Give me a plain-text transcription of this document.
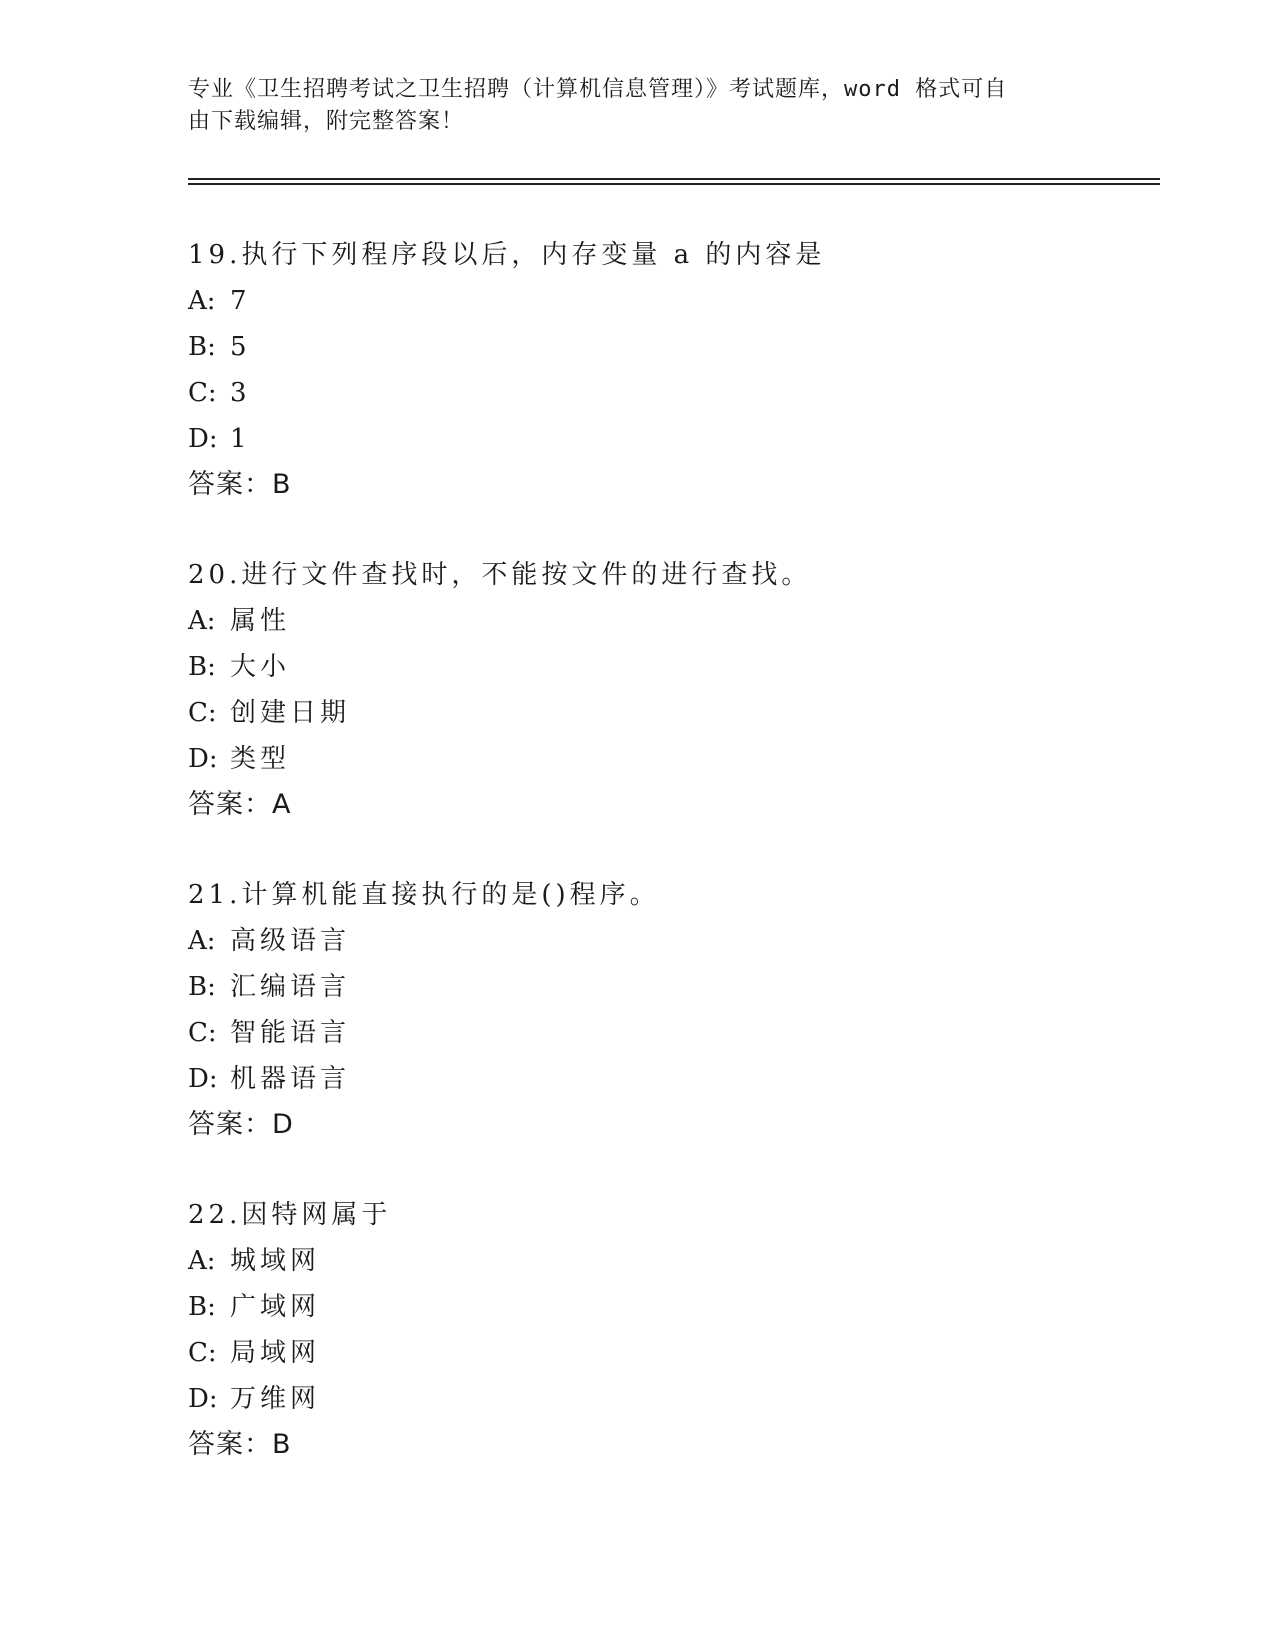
专业《卫生招聘考试之卫生招聘（计算机信息管理）》考试题库，word 格式可自
由下载编辑，附完整答案！
19.执行下列程序段以后，内存变量 a 的内容是
A: 7
B: 5
C: 3
D: 1
答案：B
20.进行文件查找时，不能按文件的进行查找。
A: 属性
B: 大小
C: 创建日期
D: 类型
答案：A
21.计算机能直接执行的是()程序。
A: 高级语言
B: 汇编语言
C: 智能语言
D: 机器语言
答案：D
22.因特网属于
A: 城域网
B: 广域网
C: 局域网
D: 万维网
答案：B
